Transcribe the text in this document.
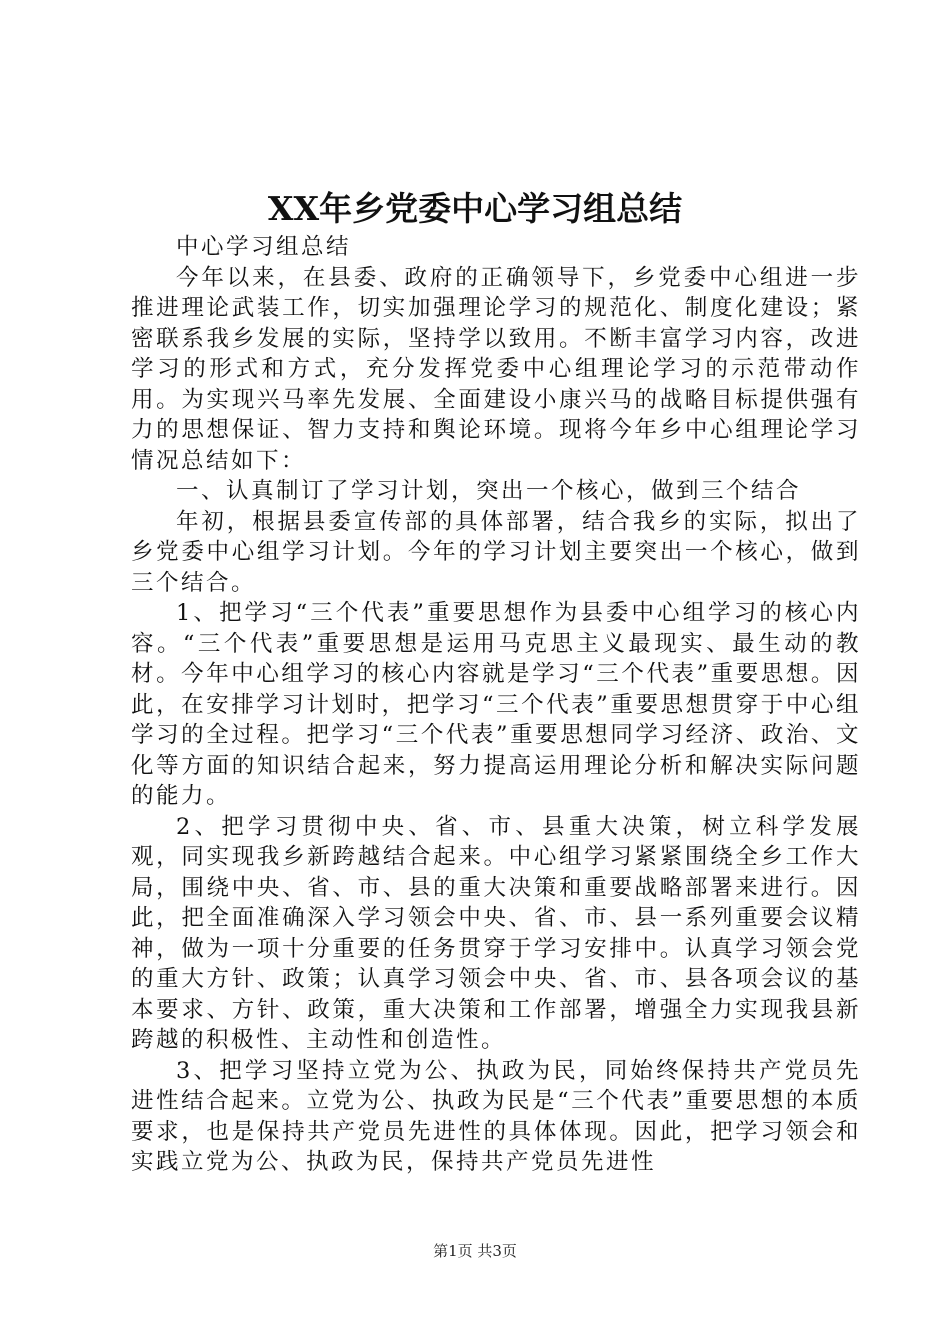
XX年乡党委中心学习组总结

中心学习组总结

今年以来，在县委、政府的正确领导下，乡党委中心组进一步推进理论武装工作，切实加强理论学习的规范化、制度化建设；紧密联系我乡发展的实际，坚持学以致用。不断丰富学习内容，改进学习的形式和方式，充分发挥党委中心组理论学习的示范带动作用。为实现兴马率先发展、全面建设小康兴马的战略目标提供强有力的思想保证、智力支持和舆论环境。现将今年乡中心组理论学习情况总结如下：

一、认真制订了学习计划，突出一个核心，做到三个结合

年初，根据县委宣传部的具体部署，结合我乡的实际，拟出了乡党委中心组学习计划。今年的学习计划主要突出一个核心，做到三个结合。

1、把学习“三个代表”重要思想作为县委中心组学习的核心内容。“三个代表”重要思想是运用马克思主义最现实、最生动的教材。今年中心组学习的核心内容就是学习“三个代表”重要思想。因此，在安排学习计划时，把学习“三个代表”重要思想贯穿于中心组学习的全过程。把学习“三个代表”重要思想同学习经济、政治、文化等方面的知识结合起来，努力提高运用理论分析和解决实际问题的能力。

2、把学习贯彻中央、省、市、县重大决策，树立科学发展观，同实现我乡新跨越结合起来。中心组学习紧紧围绕全乡工作大局，围绕中央、省、市、县的重大决策和重要战略部署来进行。因此，把全面准确深入学习领会中央、省、市、县一系列重要会议精神，做为一项十分重要的任务贯穿于学习安排中。认真学习领会党的重大方针、政策；认真学习领会中央、省、市、县各项会议的基本要求、方针、政策，重大决策和工作部署，增强全力实现我县新跨越的积极性、主动性和创造性。

3、把学习坚持立党为公、执政为民，同始终保持共产党员先进性结合起来。立党为公、执政为民是“三个代表”重要思想的本质要求，也是保持共产党员先进性的具体体现。因此，把学习领会和实践立党为公、执政为民，保持共产党员先进性

第1页 共3页
